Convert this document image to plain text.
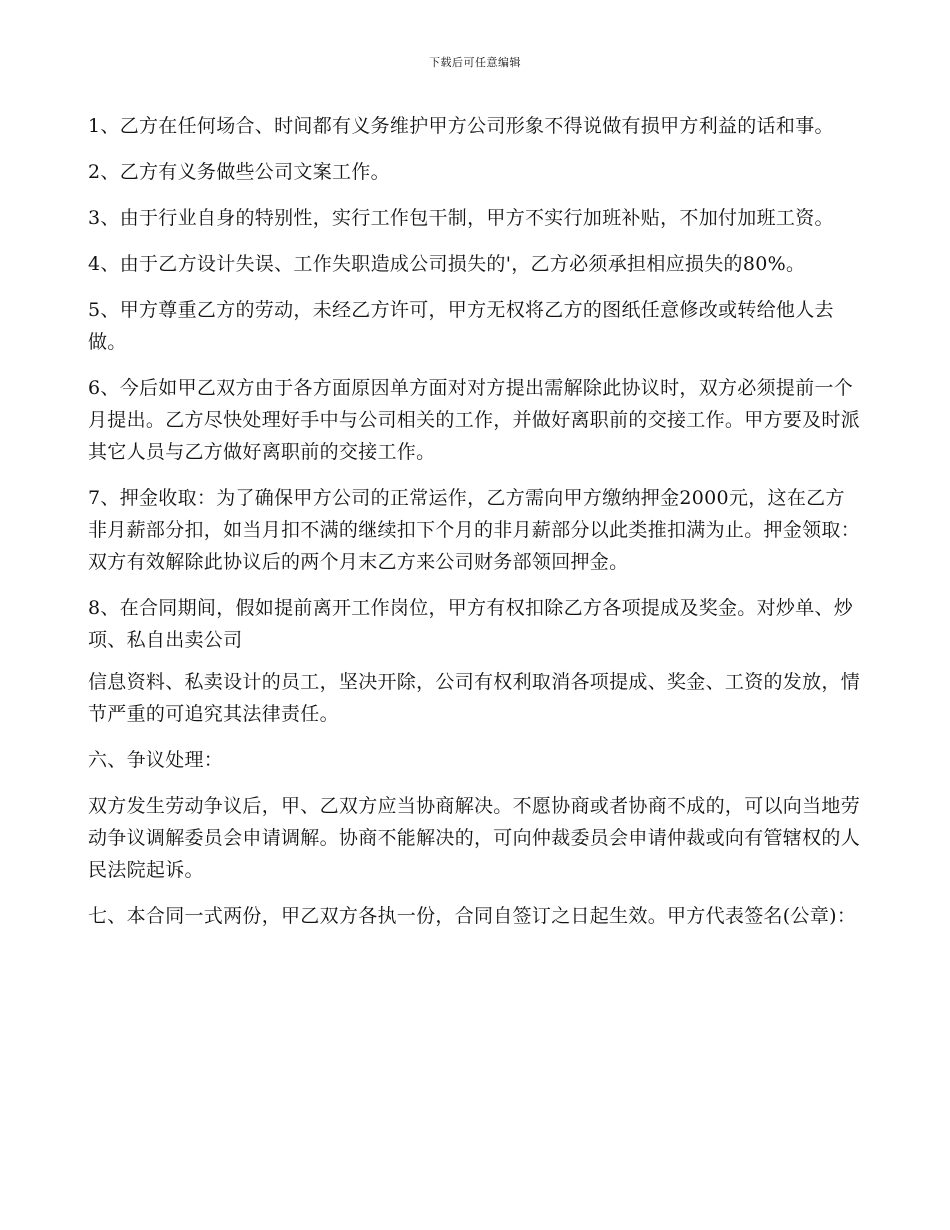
下载后可任意编辑

1、乙方在任何场合、时间都有义务维护甲方公司形象不得说做有损甲方利益的话和事。

2、乙方有义务做些公司文案工作。

3、由于行业自身的特别性，实行工作包干制，甲方不实行加班补贴，不加付加班工资。

4、由于乙方设计失误、工作失职造成公司损失的'，乙方必须承担相应损失的80%。

5、甲方尊重乙方的劳动，未经乙方许可，甲方无权将乙方的图纸任意修改或转给他人去做。

6、今后如甲乙双方由于各方面原因单方面对对方提出需解除此协议时，双方必须提前一个月提出。乙方尽快处理好手中与公司相关的工作，并做好离职前的交接工作。甲方要及时派其它人员与乙方做好离职前的交接工作。

7、押金收取：为了确保甲方公司的正常运作，乙方需向甲方缴纳押金2000元，这在乙方非月薪部分扣，如当月扣不满的继续扣下个月的非月薪部分以此类推扣满为止。押金领取：双方有效解除此协议后的两个月末乙方来公司财务部领回押金。

8、在合同期间，假如提前离开工作岗位，甲方有权扣除乙方各项提成及奖金。对炒单、炒项、私自出卖公司

信息资料、私卖设计的员工，坚决开除，公司有权利取消各项提成、奖金、工资的发放，情节严重的可追究其法律责任。

六、争议处理：

双方发生劳动争议后，甲、乙双方应当协商解决。不愿协商或者协商不成的，可以向当地劳动争议调解委员会申请调解。协商不能解决的，可向仲裁委员会申请仲裁或向有管辖权的人民法院起诉。

七、本合同一式两份，甲乙双方各执一份，合同自签订之日起生效。甲方代表签名(公章)：
